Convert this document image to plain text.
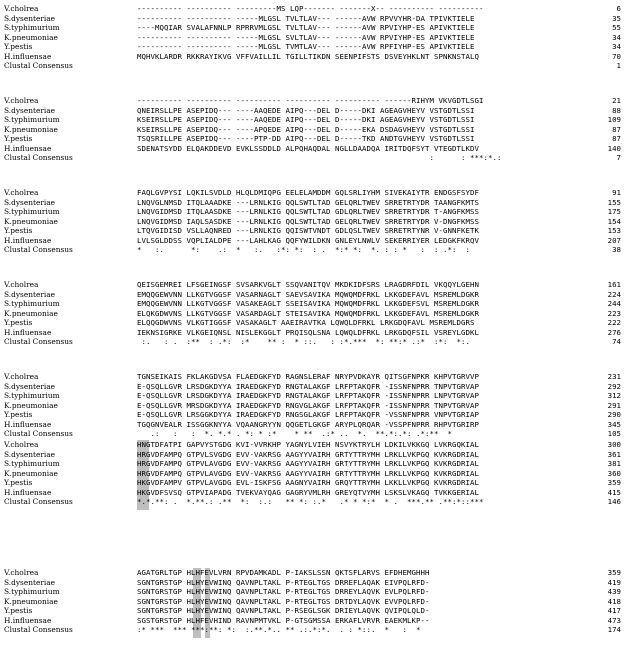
V.cholrea	---------- ---------- ---------MS LQP------- -------X-- ---------- ----------	6
S.dysenteriae	---------- ---------- -----MLGSL TVLTLAV--- ------AVW RPVVYHR-DA TPIVKTIELE	35
S.typhimurium	----MQQIAR SVALAFNNLP RPRRVMLGSL TVLTLAV--- ------AVW RPVIYHP-ES APIVKTIELE	55
K.pneumoniae	---------- ---------- -----MLGSL SVLTLAV--- ------AVW RPVIYHP-ES APIVKTIELE	34
Y.pestis	---------- ---------- -----MLGSL TVMTLAV--- ------AVW RPFIYHP-ES APIVKTIELE	34
H.influensae	MQHVKLARDR RKKRAYIKVG VFFVAILLIL TGILLTIKDN SEENPIFSTS DSVEYHKLNT SPNKNSTALQ	70
Clustal Consensus	1
V.cholrea	---------- ---------- ---------- ---------- ---------- ------RIHYM VKVGDTLSGI	21
S.dysenteriae	QNEIRSLLPE ASEPIDQ--- ----AAQEDE AIPQ---DEL D-----DKI AGEAGVHEYV VSTGDTLSSI	88
S.typhimurium	KSEIRSLLPE ASEPIDQ--- ----AAQEDE AIPQ---DEL D-----DKI AGEAGVHEYV VSTGDTLSSI	109
K.pneumoniae	KSEIRSLLPE ASEPIDQ--- ----APQEDE AIPQ---DEL D-----EKA DSDAGVHEYV VSTGDTLSSI	87
Y.pestis	TSQSRILLPE ASEPIDQ--- ----PTP-DD AIPQ---DEL D-----TKD ANDTGVHEYV VSTGDTLSSI	87
H.influensae	SDENATSYDD ELQAKDDEVD EVKLSSDDLD ALPQHAQDAL NGLLDAADQA IRITDQFSYT VTEGDTLKDV	140
Clustal Consensus	:      : ***:*.:	7
V.cholrea	FAQLGVPYSI LQKILSVDLD HLQLDMIQPG EELELAMDDM GQLSRLIYHM SIVEKAIYTR ENDGSFSYDF	91
S.dysenteriae	LNQVGLNMSD ITQLAAADKE ---LRNLKIG QQLSWTLTAD GELQRLTWEV SRRETRTYDR TAANGFKMTS	155
S.typhimurium	LNQVGIDMSD ITQLAASDKE ---LRNLKIG QQLSWTLTAD GDLQRLTWEV SRRETRTYDR T-ANGFKMSS	175
K.pneumoniae	LNQVGIDMSD IAQLSASDKE ---LRNLKIG QQLSWTLTAD GELQRLTWEV SRRETRTYDR V-DNGFKMSS	154
Y.pestis	LTQVGIDISD VSLLAQNRED ---LRNLKIG QQISWTVNDT GDLQSLTWEV SRRETRTYNR V-GNNFKETK	153
H.influensae	LVLSGLDDSS VQPLIALDPE ---LAHLKAG QQFYWILDKN GNLEYLNWLV SEKERRIYER LEDGKFKRQV	207
Clustal Consensus	*   :.      *:    .:  *   :.   :*: *:  : .  *:* *:  *. : : *   :  : .*:  :	38
V.cholrea	QEISGEMREI LFSGEINGSF SVSARKVGLT SSQVANITQV MKDKIDFSRS LRAGDRFDIL VKQQYLGEHN	161
S.dysenteriae	EMQQGEWVNN LLKGTVGGSF VASARNAGLT SAEVSAVIKA MQWQMDFRKL LKKGDEFAVL MSREMLDGKR	224
S.typhimurium	EMQQGEWVNN LLKGTVGGSF VASAKEAGLT SSEISAVIKA MQWQMDFRKL LKKGDEFSVL MSREMLDGKR	244
K.pneumoniae	ELQKGDWVNS LLKGTVGGSF VASARDAGLT STEISAVIKA MQWQMDFRKL LKKGDEFAVL MSREMLDGKR	223
Y.pestis	ELQQGDWVNS VLKGTIGGSF VASAKAGLT AAEIRAVTKA LQWQLDFRKL LRKGDQFAVL MSREMLDGRS	222
H.influensae	IEKNSIGRKE VLKGEIQNSL NISLEKGGLT PRQISQLSNA LQWQLDFRKL LRKGDQFSIL VSREYLGDKL	276
Clustal Consensus	:.   : .  :**  : .*:  :*    ** :  * ::.   : :*.***  *: **:* .:*  :*:  *:.	74
V.cholrea	TGNSEIKAIS FKLAKGDVSA FLAEDGKFYD RAGNSLERAF NRYPVDKAYR QITSGFNPKR KHPVTGRVVP	231
S.dysenteriae	E-QSQLLGVR LRSDGKDYYA IRAEDGKFYD RNGTALAKGF LRFPTAKQFR -ISSNFNPRR TNPVTGRVAP	292
S.typhimurium	E-QSQLLGVR LRSDGKDYYA IRAEDGKFYD RNGTALAKGF LRFPTAKQFR -ISSNFNPRR LNPVTGRVAP	312
K.pneumoniae	E-QSQLLGVR MRSDGKDYYA IRAEDGKFYD RNGVGLAKGF LRFPTAKQFR -ISSNFNPRR TNPVTGRVAP	291
Y.pestis	E-QSQLLGVR LRSGGKDYYA IRAEDGKFYD RNGSGLAKGF LRFPTAKQFR -VSSNFNPRR VNPVTGRIAP	290
H.influensae	TGQGNVEALR ISSGGKNYYA VQAANGRYYN QQGETLGKGF ARYPLQRQAR -VSSPFNPRR RHPVTGRIRP	345
Clustal Consensus	.:   :   :  *. *.* . *: * :*    * **  .:* ..  *.  **.*:.*: .*:**  *	105
V.cholrea	HNGTDFATPI GAPVYSTGDG KVI-VVRKHP YAGNYLVIEH NSVYKTRYLH LDKILVKKGQ LVKRGQKIAL	300
S.dysenteriae	HRGVDFAMPQ GTPVLSVGDG EVV-VAKRSG AAGYYVAIRH GRTYTTRYMH LRKLLVKPGQ KVKRGDRIAL	361
S.typhimurium	HRGVDFAMPQ GTPVLAVGDG EVV-VAKRSG AAGYYVAIRH GRTYTTRYMH LRKLLVKPGQ KVKRGDRIAL	381
K.pneumoniae	HRGVDFAMPQ GTPVLAVGDG EVV-VAKRSG AAGYYVAIRH GRTYTTRYMH LRKLLVKPGQ KVKRGDRIAL	360
Y.pestis	HKGVDFAMPV GTPVLAVGDG EVL-ISKFSG AAGNYVAIRH GRQYTTRYMH LKKLLVKPGQ KVKRGDRIAL	359
H.influensae	HKGVDFSVSQ GTPVIAPADG TVEKVAYQAG GAGRYVMLRH GREYQTVYMH LSKSLVKAGQ TVKKGERIAL	415
Clustal Consensus	*.*.**: .  *.**.: .**  *:  :.:   ** *: :.*   .* * *:*  * .  ***.** .**:*::***	146
V.cholrea	AGATGRLTGP HLHFEVLVRN RPVDAMKADL P-IAKSLSSN QKTSFLARVS EFDHEMGHHH	359
S.dysenteriae	SGNTGRSTGP HLHYEVWINQ QAVNPLTAKL P-RTEGLTGS DRREFLAQAK EIVPQLRFD-	419
S.typhimurium	SGNTGRSTGP HLHYEVWINQ QAVNPLTAKL P-RTEGLTGS DRREYLAQVK EVLPQLRFD-	439
K.pneumoniae	SGNTGRSTGP HLHYEVWINQ QAVNPLTAKL P-RTEGLTGS DRTDYLAQVK EVVPQLRFD-	418
Y.pestis	SGNTGRSTGP HLHYEVWINQ QAVNPLTAKL P-RSEGLSGK DRIEYLAQVK QVIPQLQLD-	417
H.influensae	SGSTGRSTGP HLHFEVHIND RAVNPMTVKL P-GTSGMSSA ERKAFLVRVR EAEKMLKP--	473
Clustal Consensus	:* ***  *** ***:**: *:  :.**.*.. ** .:.*:*.  . : *::.  *   :  *	174
